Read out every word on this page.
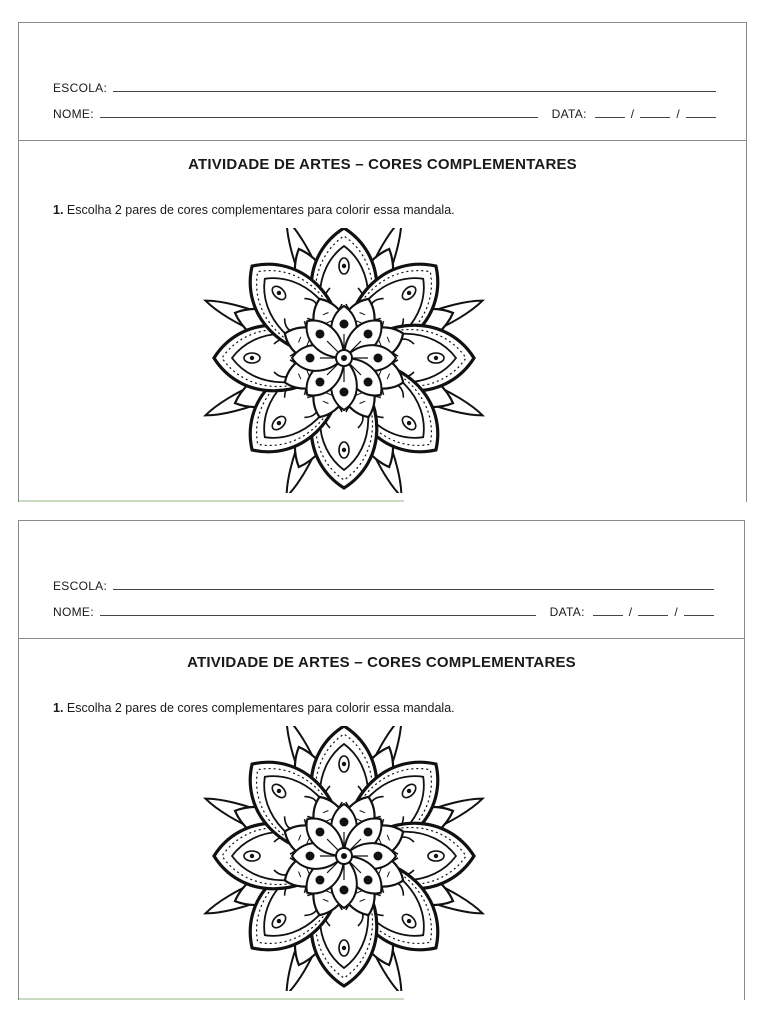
ESCOLA:
NOME:	DATA:	/	/
ATIVIDADE DE ARTES – CORES COMPLEMENTARES
1. Escolha 2 pares de cores complementares para colorir essa mandala.
ESCOLA:
NOME:	DATA:	/	/
ATIVIDADE DE ARTES – CORES COMPLEMENTARES
1. Escolha 2 pares de cores complementares para colorir essa mandala.
